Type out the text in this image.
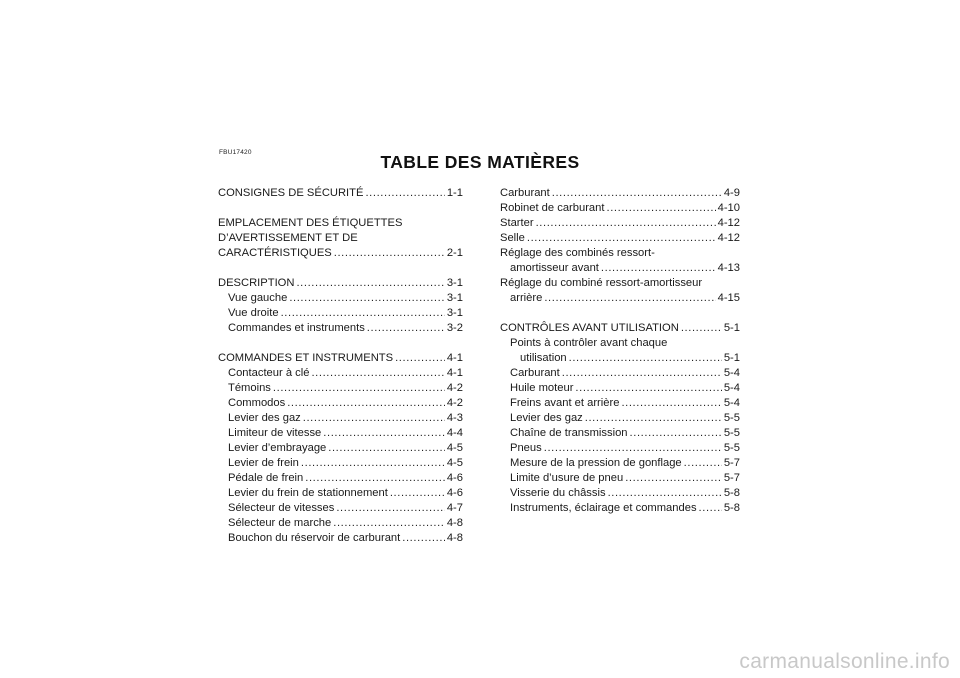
FBU17420	TABLE DES MATIÈRES
CONSIGNES DE SÉCURITÉ .....	1-1
EMPLACEMENT DES ÉTIQUETTES
D’AVERTISSEMENT ET DE
CARACTÉRISTIQUES .....	2-1
DESCRIPTION .....	3-1
Vue gauche .....	3-1
Vue droite .....	3-1
Commandes et instruments .....	3-2
COMMANDES ET INSTRUMENTS .....	4-1
Contacteur à clé .....	4-1
Témoins .....	4-2
Commodos .....	4-2
Levier des gaz .....	4-3
Limiteur de vitesse .....	4-4
Levier d’embrayage .....	4-5
Levier de frein .....	4-5
Pédale de frein .....	4-6
Levier du frein de stationnement .....	4-6
Sélecteur de vitesses .....	4-7
Sélecteur de marche .....	4-8
Bouchon du réservoir de carburant .....	4-8
Carburant .....	4-9
Robinet de carburant .....	4-10
Starter .....	4-12
Selle .....	4-12
Réglage des combinés ressort-
amortisseur avant .....	4-13
Réglage du combiné ressort-amortisseur
arrière .....	4-15
CONTRÔLES AVANT UTILISATION .....	5-1
Points à contrôler avant chaque
utilisation .....	5-1
Carburant .....	5-4
Huile moteur .....	5-4
Freins avant et arrière .....	5-4
Levier des gaz .....	5-5
Chaîne de transmission .....	5-5
Pneus .....	5-5
Mesure de la pression de gonflage .....	5-7
Limite d’usure de pneu .....	5-7
Visserie du châssis .....	5-8
Instruments, éclairage et commandes ..... 5-8
carmanualsonline.info
